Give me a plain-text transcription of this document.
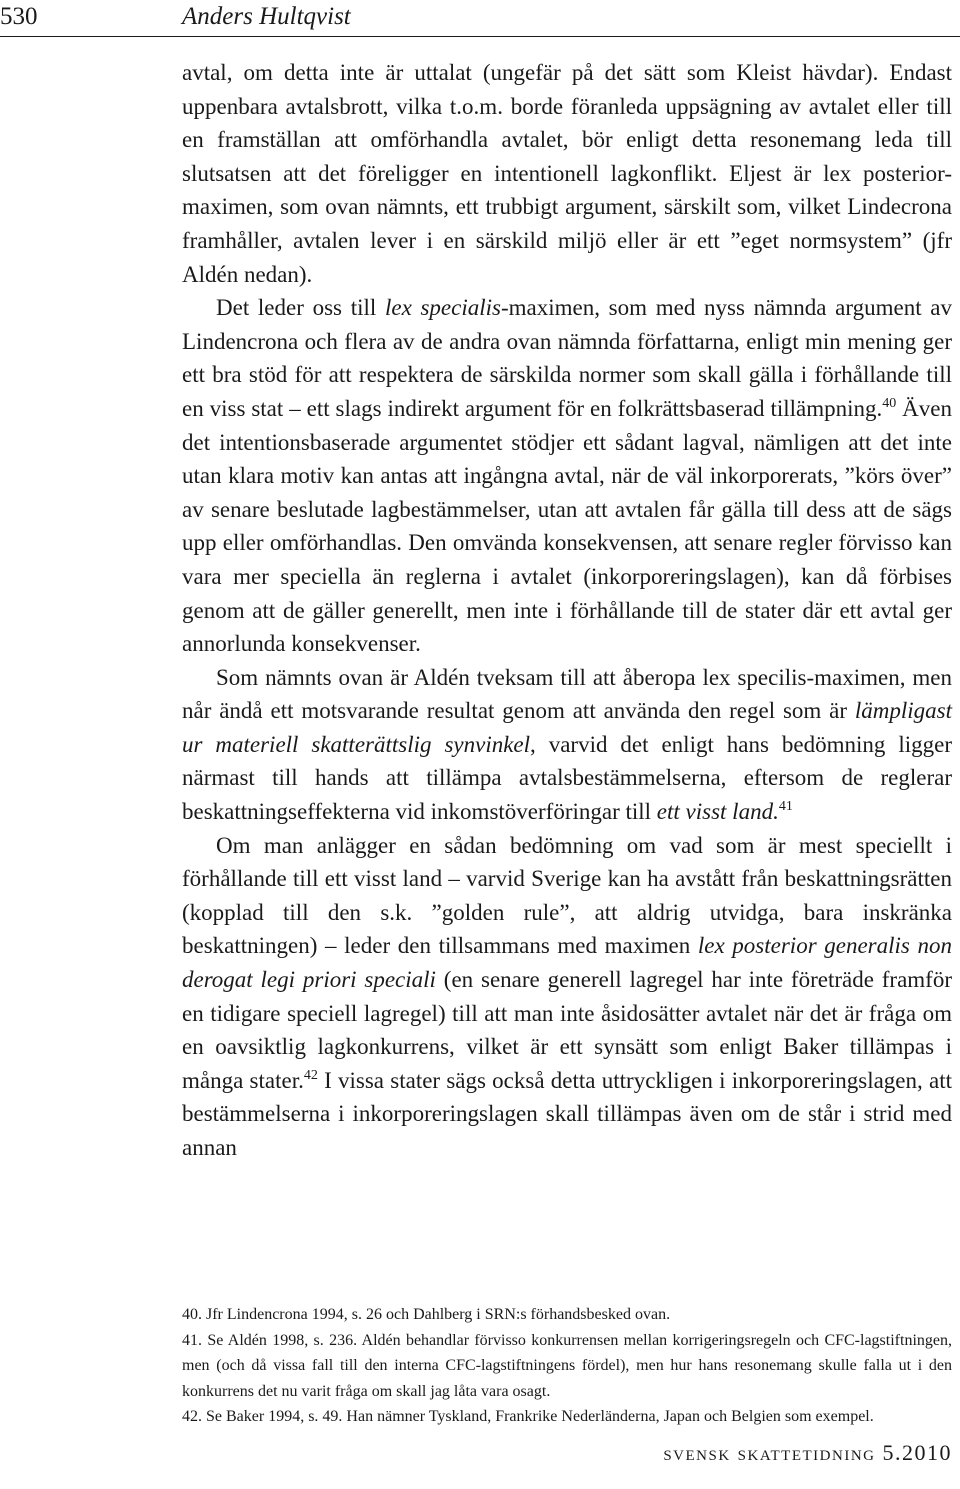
530	Anders Hultqvist

avtal, om detta inte är uttalat (ungefär på det sätt som Kleist hävdar). Endast uppenbara avtalsbrott, vilka t.o.m. borde föranleda uppsägning av avtalet eller till en framställan att omförhandla avtalet, bör enligt detta resonemang leda till slutsatsen att det föreligger en intentionell lagkonflikt. Eljest är lex posterior-maximen, som ovan nämnts, ett trubbigt argument, särskilt som, vilket Lindecrona framhåller, avtalen lever i en särskild miljö eller är ett ”eget normsystem” (jfr Aldén nedan).

Det leder oss till lex specialis-maximen, som med nyss nämnda argument av Lindencrona och flera av de andra ovan nämnda författarna, enligt min mening ger ett bra stöd för att respektera de särskilda normer som skall gälla i förhållande till en viss stat – ett slags indirekt argument för en folkrättsbaserad tillämpning.$^{40}$ Även det intentionsbaserade argumentet stödjer ett sådant lagval, nämligen att det inte utan klara motiv kan antas att ingångna avtal, när de väl inkorporerats, ”körs över” av senare beslutade lagbestämmelser, utan att avtalen får gälla till dess att de sägs upp eller omförhandlas. Den omvända konsekvensen, att senare regler förvisso kan vara mer speciella än reglerna i avtalet (inkorporeringslagen), kan då förbises genom att de gäller generellt, men inte i förhållande till de stater där ett avtal ger annorlunda konsekvenser.

Som nämnts ovan är Aldén tveksam till att åberopa lex specilis-maximen, men når ändå ett motsvarande resultat genom att använda den regel som är lämpligast ur materiell skatterättslig synvinkel, varvid det enligt hans bedömning ligger närmast till hands att tillämpa avtalsbestämmelserna, eftersom de reglerar beskattningseffekterna vid inkomstöverföringar till ett visst land.$^{41}$

Om man anlägger en sådan bedömning om vad som är mest speciellt i förhållande till ett visst land – varvid Sverige kan ha avstått från beskattningsrätten (kopplad till den s.k. ”golden rule”, att aldrig utvidga, bara inskränka beskattningen) – leder den tillsammans med maximen lex posterior generalis non derogat legi priori speciali (en senare generell lagregel har inte företräde framför en tidigare speciell lagregel) till att man inte åsidosätter avtalet när det är fråga om en oavsiktlig lagkonkurrens, vilket är ett synsätt som enligt Baker tillämpas i många stater.$^{42}$ I vissa stater sägs också detta uttryckligen i inkorporeringslagen, att bestämmelserna i inkorporeringslagen skall tillämpas även om de står i strid med annan

40. Jfr Lindencrona 1994, s. 26 och Dahlberg i SRN:s förhandsbesked ovan.

41. Se Aldén 1998, s. 236. Aldén behandlar förvisso konkurrensen mellan korrigeringsregeln och CFC-lagstiftningen, men (och då vissa fall till den interna CFC-lagstiftningens fördel), men hur hans resonemang skulle falla ut i den konkurrens det nu varit fråga om skall jag låta vara osagt.

42. Se Baker 1994, s. 49. Han nämner Tyskland, Frankrike Nederländerna, Japan och Belgien som exempel.

svensk skattetidning 5.2010
